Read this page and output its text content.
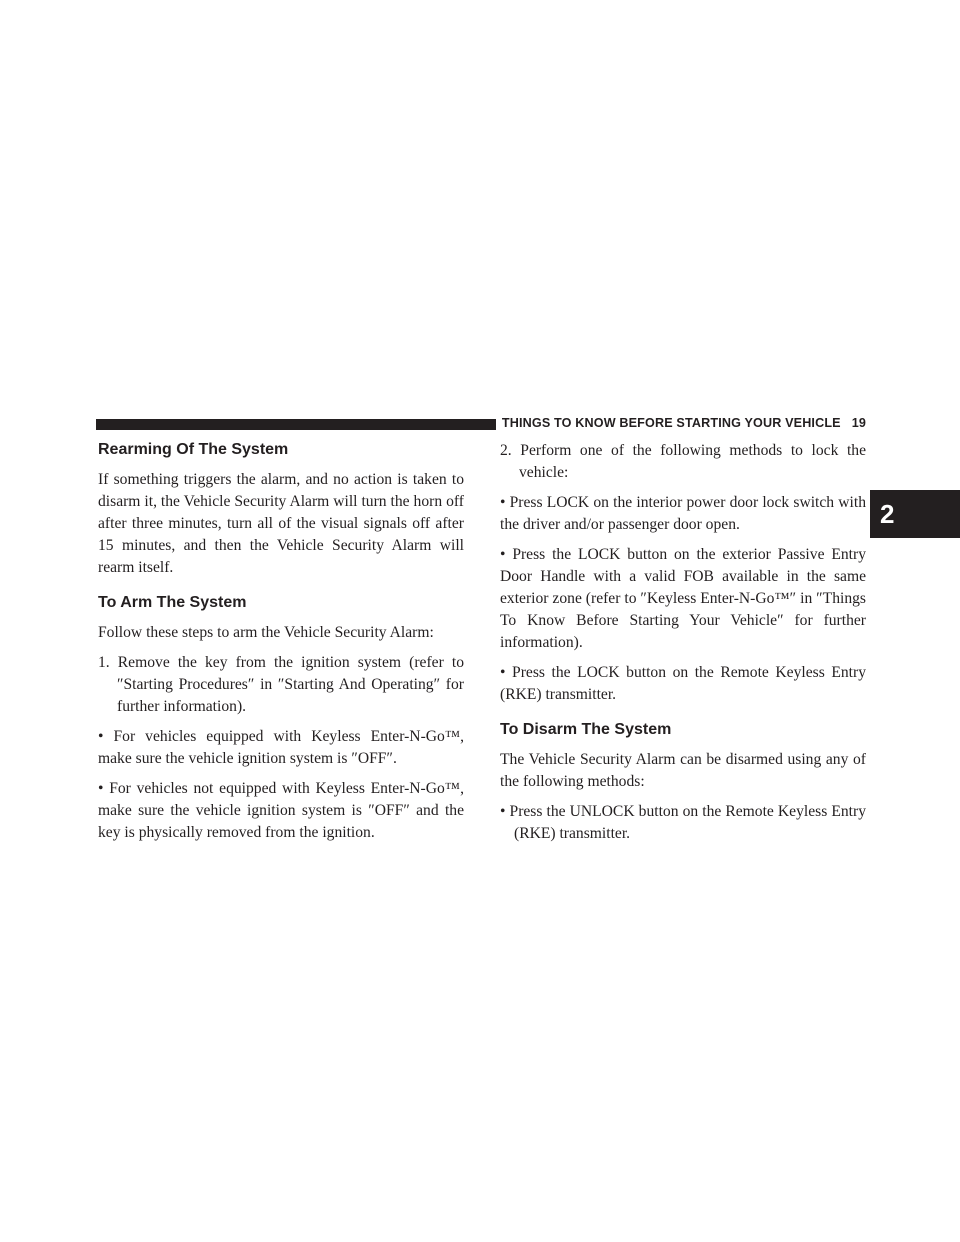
THINGS TO KNOW BEFORE STARTING YOUR VEHICLE 19
2
Rearming Of The System

If something triggers the alarm, and no action is taken to disarm it, the Vehicle Security Alarm will turn the horn off after three minutes, turn all of the visual signals off after 15 minutes, and then the Vehicle Security Alarm will rearm itself.

To Arm The System

Follow these steps to arm the Vehicle Security Alarm:

1. Remove the key from the ignition system (refer to ″Starting Procedures″ in ″Starting And Operating″ for further information).

• For vehicles equipped with Keyless Enter-N-Go™, make sure the vehicle ignition system is ″OFF″.

• For vehicles not equipped with Keyless Enter-N-Go™, make sure the vehicle ignition system is ″OFF″ and the key is physically removed from the ignition.

2. Perform one of the following methods to lock the vehicle:

• Press LOCK on the interior power door lock switch with the driver and/or passenger door open.

• Press the LOCK button on the exterior Passive Entry Door Handle with a valid FOB available in the same exterior zone (refer to ″Keyless Enter-N-Go™″ in ″Things To Know Before Starting Your Vehicle″ for further information).

• Press the LOCK button on the Remote Keyless Entry (RKE) transmitter.

To Disarm The System

The Vehicle Security Alarm can be disarmed using any of the following methods:

• Press the UNLOCK button on the Remote Keyless Entry (RKE) transmitter.
